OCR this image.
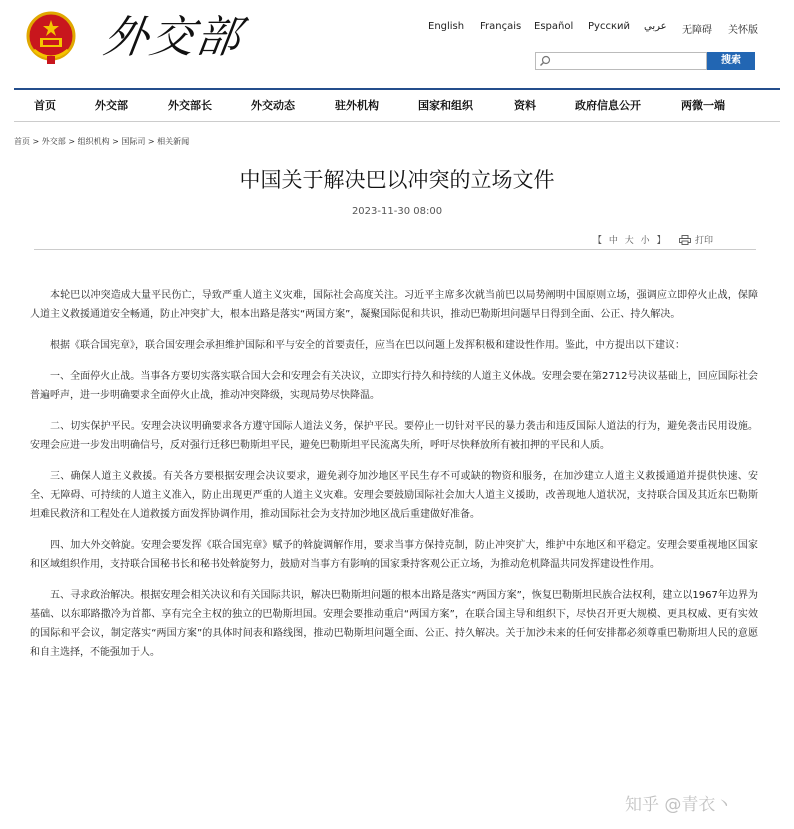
外交部	English Français Español Русский عربي 无障碍 关怀版
搜索
首页	外交部	外交部长	外交动态	驻外机构	国家和组织	资料	政府信息公开	两微一端
首页 > 外交部 > 组织机构 > 国际司 > 相关新闻
中国关于解决巴以冲突的立场文件
2023-11-30 08:00
【 中 大 小 】	打印

本轮巴以冲突造成大量平民伤亡，导致严重人道主义灾难，国际社会高度关注。习近平主席多次就当前巴以局势阐明中国原则立场，强调应立即停火止战，保障人道主义救援通道安全畅通，防止冲突扩大，根本出路是落实“两国方案”，凝聚国际促和共识，推动巴勒斯坦问题早日得到全面、公正、持久解决。

根据《联合国宪章》，联合国安理会承担维护国际和平与安全的首要责任，应当在巴以问题上发挥积极和建设性作用。鉴此，中方提出以下建议：

一、全面停火止战。当事各方要切实落实联合国大会和安理会有关决议，立即实行持久和持续的人道主义休战。安理会要在第2712号决议基础上，回应国际社会普遍呼声，进一步明确要求全面停火止战，推动冲突降级，实现局势尽快降温。

二、切实保护平民。安理会决议明确要求各方遵守国际人道法义务，保护平民。要停止一切针对平民的暴力袭击和违反国际人道法的行为，避免袭击民用设施。安理会应进一步发出明确信号，反对强行迁移巴勒斯坦平民，避免巴勒斯坦平民流离失所，呼吁尽快释放所有被扣押的平民和人质。

三、确保人道主义救援。有关各方要根据安理会决议要求，避免剥夺加沙地区平民生存不可或缺的物资和服务，在加沙建立人道主义救援通道并提供快速、安全、无障碍、可持续的人道主义准入，防止出现更严重的人道主义灾难。安理会要鼓励国际社会加大人道主义援助，改善现地人道状况，支持联合国及其近东巴勒斯坦难民救济和工程处在人道救援方面发挥协调作用，推动国际社会为支持加沙地区战后重建做好准备。

四、加大外交斡旋。安理会要发挥《联合国宪章》赋予的斡旋调解作用，要求当事方保持克制，防止冲突扩大，维护中东地区和平稳定。安理会要重视地区国家和区域组织作用，支持联合国秘书长和秘书处斡旋努力，鼓励对当事方有影响的国家秉持客观公正立场，为推动危机降温共同发挥建设性作用。

五、寻求政治解决。根据安理会相关决议和有关国际共识，解决巴勒斯坦问题的根本出路是落实“两国方案”，恢复巴勒斯坦民族合法权利，建立以1967年边界为基础、以东耶路撒冷为首都、享有完全主权的独立的巴勒斯坦国。安理会要推动重启“两国方案”，在联合国主导和组织下，尽快召开更大规模、更具权威、更有实效的国际和平会议，制定落实“两国方案”的具体时间表和路线图，推动巴勒斯坦问题全面、公正、持久解决。关于加沙未来的任何安排都必须尊重巴勒斯坦人民的意愿和自主选择，不能强加于人。

知乎 @青衣丶
